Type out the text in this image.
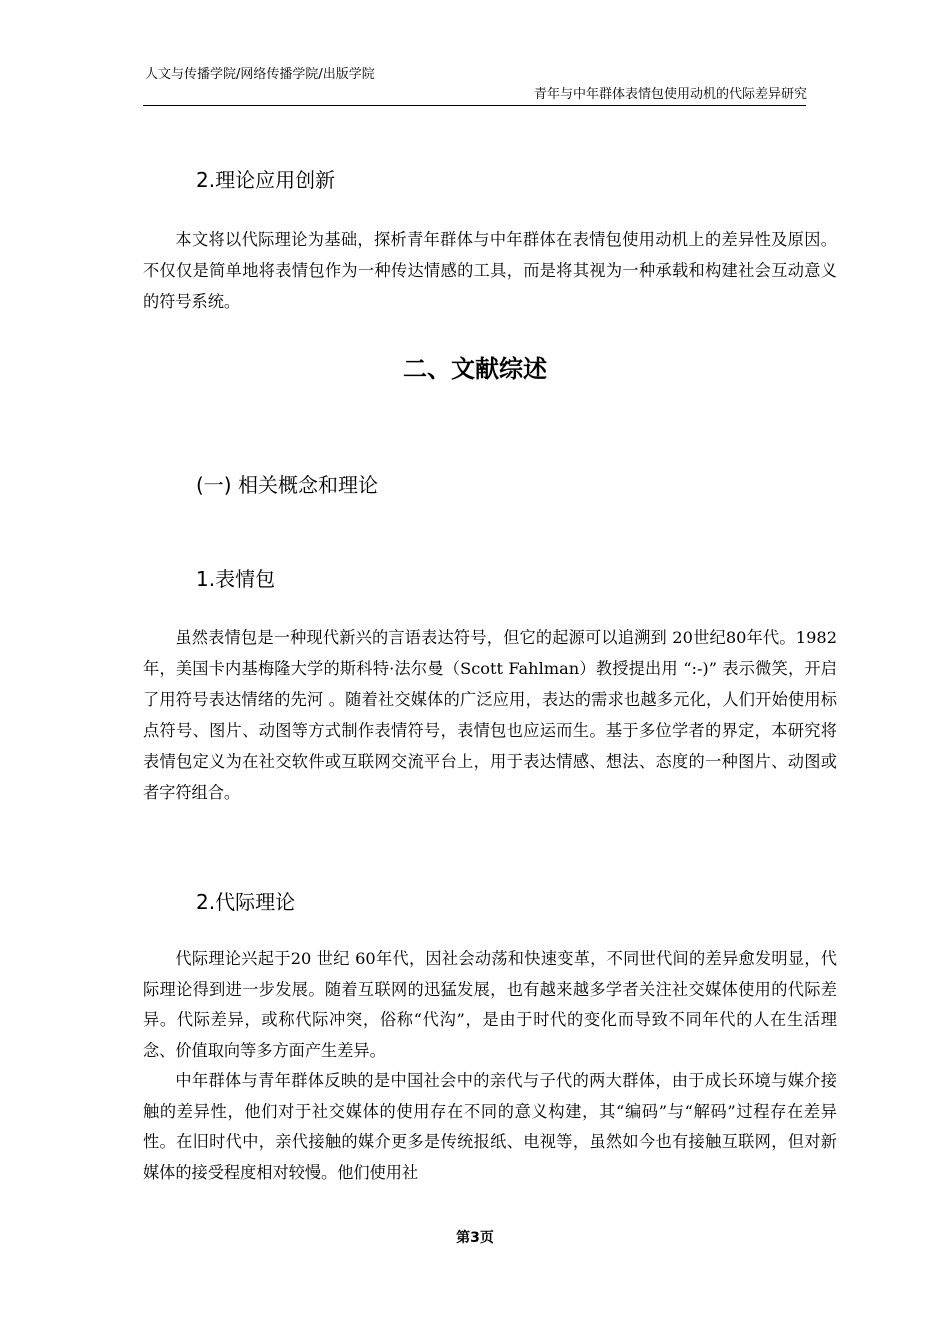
人文与传播学院/网络传播学院/出版学院
青年与中年群体表情包使用动机的代际差异研究
2.理论应用创新

本文将以代际理论为基础，探析青年群体与中年群体在表情包使用动机上的差异性及原因。不仅仅是简单地将表情包作为一种传达情感的工具，而是将其视为一种承载和构建社会互动意义的符号系统。

二、文献综述
(一) 相关概念和理论
1.表情包

虽然表情包是一种现代新兴的言语表达符号，但它的起源可以追溯到 20世纪80年代。1982 年，美国卡内基梅隆大学的斯科特·法尔曼（Scott Fahlman）教授提出用 “:-)” 表示微笑，开启了用符号表达情绪的先河 。随着社交媒体的广泛应用，表达的需求也越多元化，人们开始使用标点符号、图片、动图等方式制作表情符号，表情包也应运而生。基于多位学者的界定，本研究将表情包定义为在社交软件或互联网交流平台上，用于表达情感、想法、态度的一种图片、动图或者字符组合。

2.代际理论

代际理论兴起于20 世纪 60年代，因社会动荡和快速变革，不同世代间的差异愈发明显，代际理论得到进一步发展。随着互联网的迅猛发展，也有越来越多学者关注社交媒体使用的代际差异。代际差异，或称代际冲突，俗称“代沟”，是由于时代的变化而导致不同年代的人在生活理念、价值取向等多方面产生差异。

中年群体与青年群体反映的是中国社会中的亲代与子代的两大群体，由于成长环境与媒介接触的差异性，他们对于社交媒体的使用存在不同的意义构建，其“编码”与“解码”过程存在差异性。在旧时代中，亲代接触的媒介更多是传统报纸、电视等，虽然如今也有接触互联网，但对新媒体的接受程度相对较慢。他们使用社

第3页
